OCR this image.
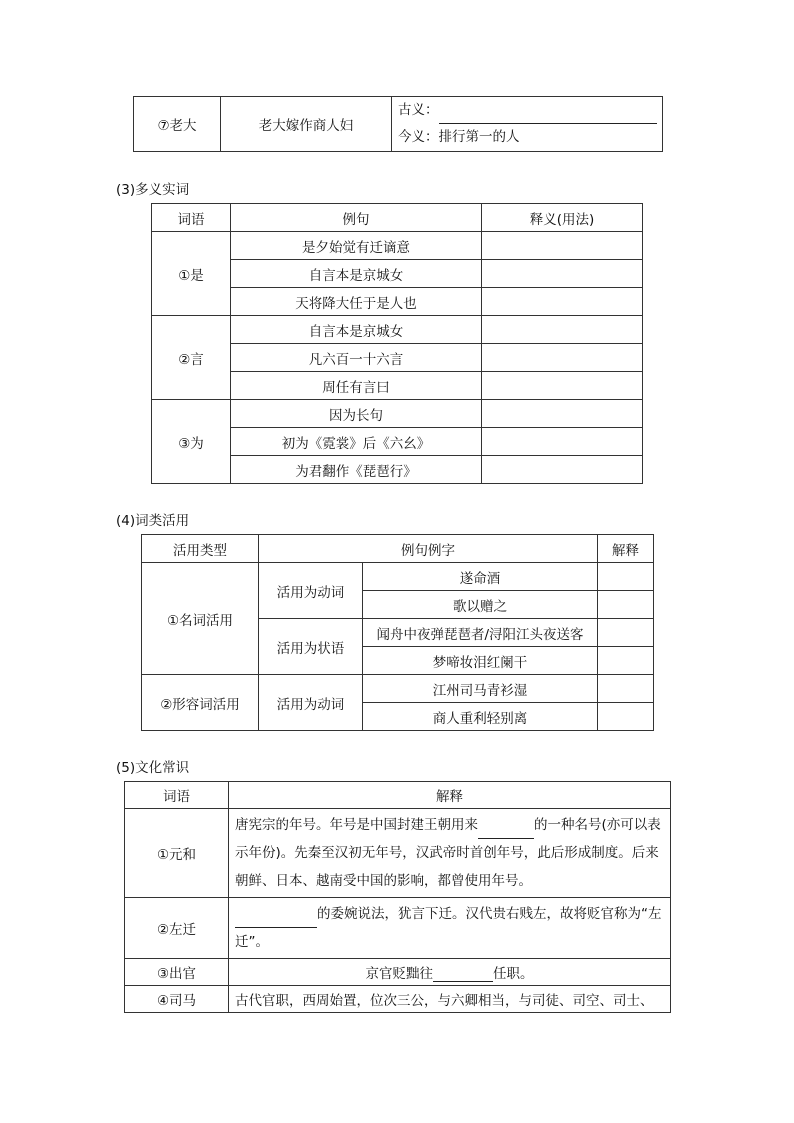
⑦老大	老大嫁作商人妇	
古义：
今义：排行第一的人
(3)多义实词
词语	例句	释义(用法)
①是	是夕始觉有迁谪意	
	自言本是京城女	
	天将降大任于是人也	
②言	自言本是京城女	
	凡六百一十六言	
	周任有言曰	
③为	因为长句	
	初为《霓裳》后《六幺》	
	为君翻作《琵琶行》	
(4)词类活用
活用类型	例句例字		解释
①名词活用	活用为动词	遂命酒	
		歌以赠之	
	活用为状语	闻舟中夜弹琵琶者/浔阳江头夜送客	
		梦啼妆泪红阑干	
②形容词活用	活用为动词	江州司马青衫湿	
		商人重利轻别离	
(5)文化常识
词语	解释
①元和	唐宪宗的年号。年号是中国封建王朝用来 的一种名号(亦可以表示年份)。先秦至汉初无年号，汉武帝时首创年号，此后形成制度。后来朝鲜、日本、越南受中国的影响，都曾使用年号。
②左迁	的委婉说法，犹言下迁。汉代贵右贱左，故将贬官称为“左迁”。
③出官	京官贬黜往 任职。
④司马	古代官职，西周始置，位次三公，与六卿相当，与司徒、司空、司士、
